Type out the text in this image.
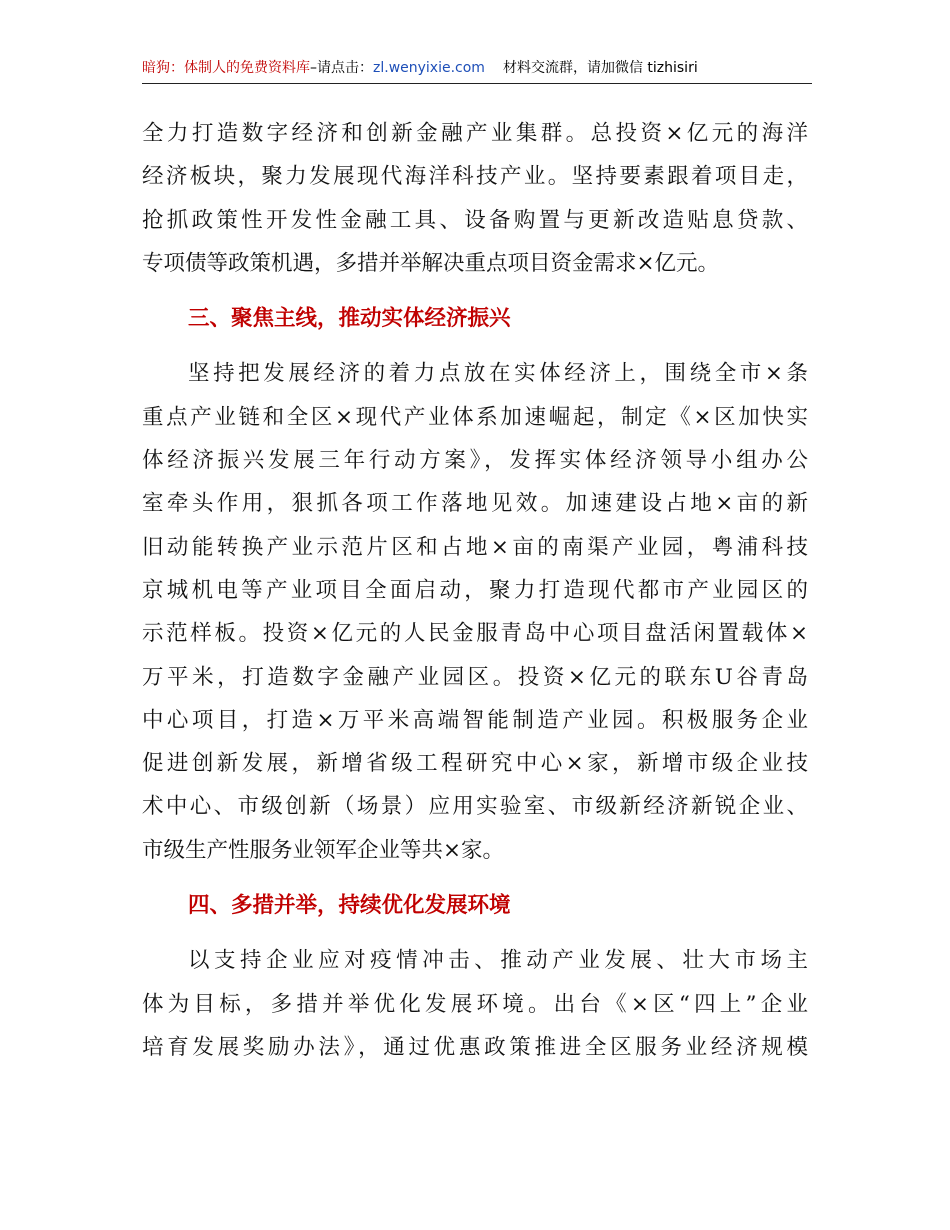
暗狗：体制人的免费资料库–请点击：zl.wenyixie.com 材料交流群，请加微信 tizhisiri
全力打造数字经济和创新金融产业集群。总投资×亿元的海洋
经济板块，聚力发展现代海洋科技产业。坚持要素跟着项目走，
抢抓政策性开发性金融工具、设备购置与更新改造贴息贷款、
专项债等政策机遇，多措并举解决重点项目资金需求×亿元。
三、聚焦主线，推动实体经济振兴
坚持把发展经济的着力点放在实体经济上，围绕全市×条
重点产业链和全区×现代产业体系加速崛起，制定《×区加快实
体经济振兴发展三年行动方案》，发挥实体经济领导小组办公
室牵头作用，狠抓各项工作落地见效。加速建设占地×亩的新
旧动能转换产业示范片区和占地×亩的南渠产业园，粤浦科技
京城机电等产业项目全面启动，聚力打造现代都市产业园区的
示范样板。投资×亿元的人民金服青岛中心项目盘活闲置载体×
万平米，打造数字金融产业园区。投资×亿元的联东U谷青岛
中心项目，打造×万平米高端智能制造产业园。积极服务企业
促进创新发展，新增省级工程研究中心×家，新增市级企业技
术中心、市级创新（场景）应用实验室、市级新经济新锐企业、
市级生产性服务业领军企业等共×家。
四、多措并举，持续优化发展环境
以支持企业应对疫情冲击、推动产业发展、壮大市场主
体为目标，多措并举优化发展环境。出台《×区“四上”企业
培育发展奖励办法》，通过优惠政策推进全区服务业经济规模
